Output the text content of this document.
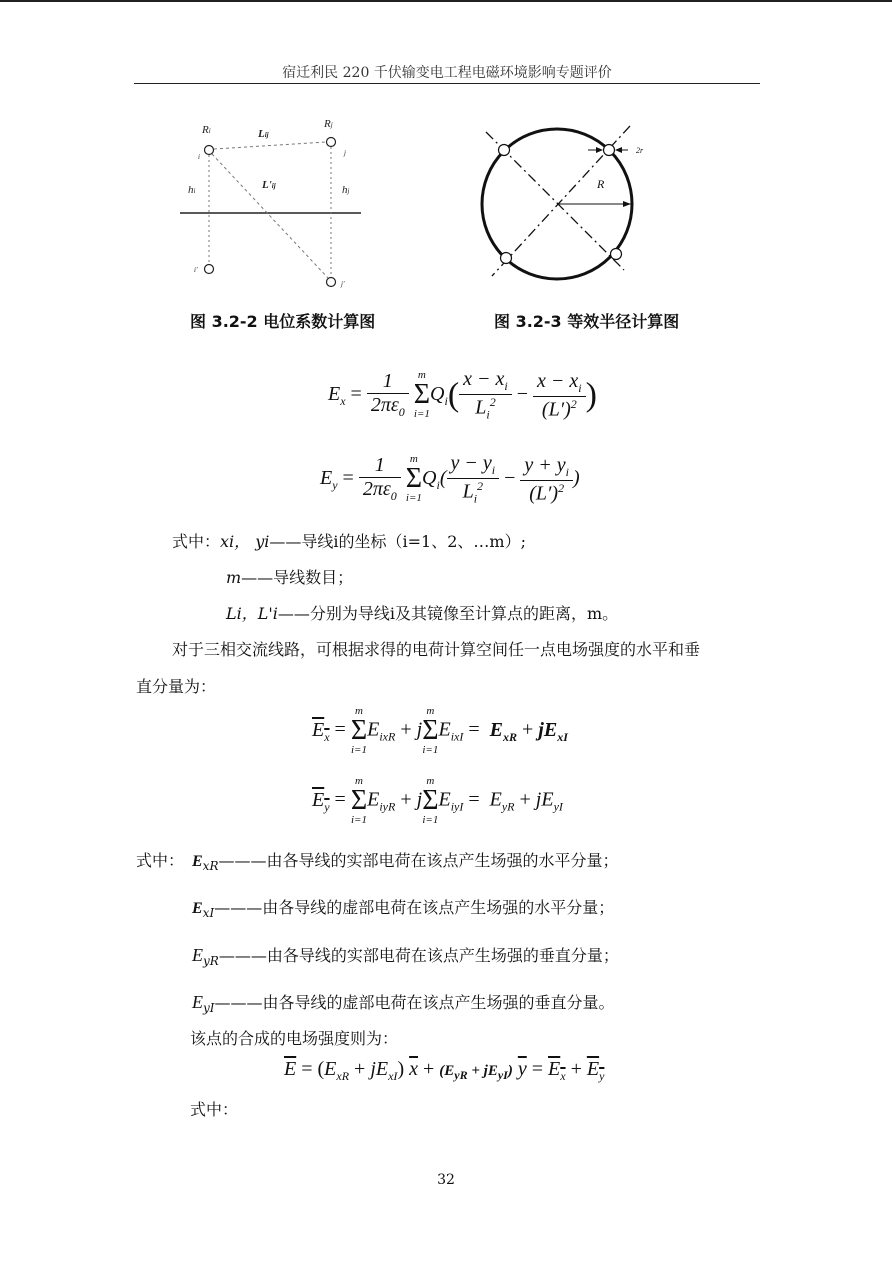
宿迁利民 220 千伏输变电工程电磁环境影响专题评价
Ri
Rj
i	j
Lij
L'ij
hi	hj
i'
j'
R
2r
图 3.2-2 电位系数计算图	图 3.2-3 等效半径计算图
$E_x = \frac{1}{2\pi\varepsilon_0}$
m
Σ
i=1
$Q_i( \frac{x - x_i}{L_i^2} - \frac{x - x_i}{(L')^2}$ )
$E_y = \frac{1}{2\pi\varepsilon_0}$
m
Σ
i=1
$Q_i( \frac{y - y_i}{L_i^2} - \frac{y + y_i}{(L')^2}$ )
式中：xi， yi——导线i的坐标（i=1、2、…m）;
m——导线数目；
Li，L'i——分别为导线i及其镜像至计算点的距离，m。
对于三相交流线路，可根据求得的电荷计算空间任一点电场强度的水平和垂
直分量为：
$E_x$ =
m
Σ
i=1
$E_{ixR} + j$
m
Σ
i=1
$E_{ixI} = E_{xR} + jE_{xI}$
$E_y$ =
m
Σ
i=1
$E_{iyR} + j$
m
Σ
i=1
$E_{iyI} = E_{yR} + jE_{yI}$
式中： $E_{xR}———$由各导线的实部电荷在该点产生场强的水平分量；
$E_{xI}———$由各导线的虚部电荷在该点产生场强的水平分量；
$E_{yR}———$由各导线的实部电荷在该点产生场强的垂直分量；
$E_{yI}———$由各导线的虚部电荷在该点产生场强的垂直分量。
该点的合成的电场强度则为：
$\overline{E} = (E_{xR} + jE_{xI}) \overline{x} + (E_{yR} + jE_{yI}) \overline{y} = E_x + E_y$
式中：
32
